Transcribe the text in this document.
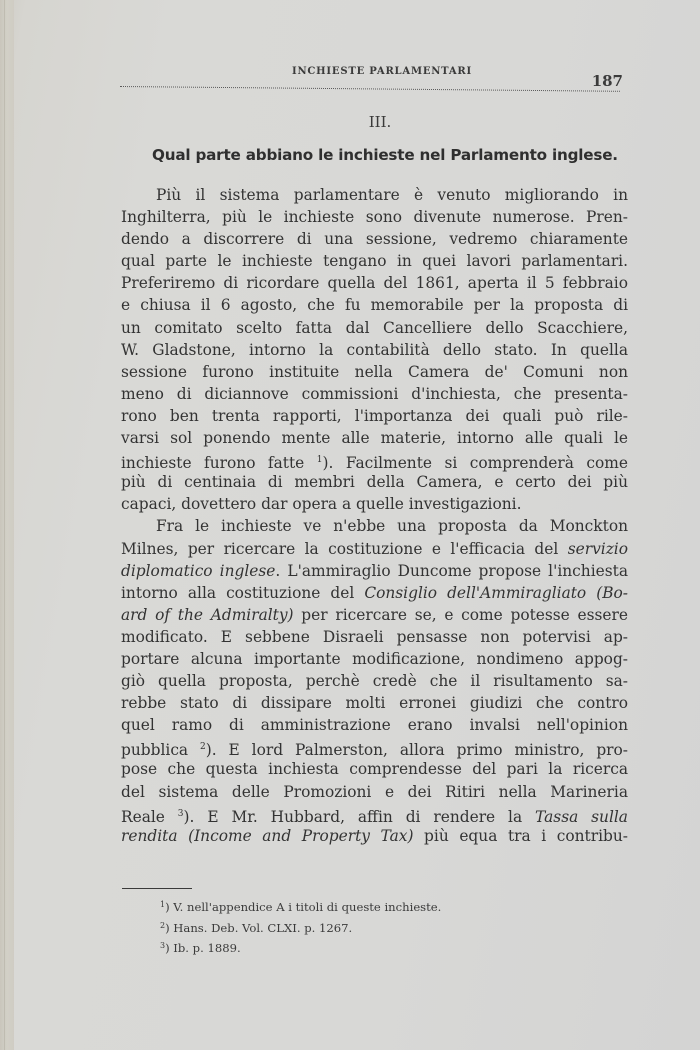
INCHIESTE PARLAMENTARI
187
III.
Qual parte abbiano le inchieste nel Parlamento inglese.
Più il sistema parlamentare è venuto migliorando in
Inghilterra, più le inchieste sono divenute numerose. Pren-
dendo a discorrere di una sessione, vedremo chiaramente
qual parte le inchieste tengano in quei lavori parlamentari.
Preferiremo di ricordare quella del 1861, aperta il 5 febbraio
e chiusa il 6 agosto, che fu memorabile per la proposta di
un comitato scelto fatta dal Cancelliere dello Scacchiere,
W. Gladstone, intorno la contabilità dello stato. In quella
sessione furono instituite nella Camera de' Comuni non
meno di diciannove commissioni d'inchiesta, che presenta-
rono ben trenta rapporti, l'importanza dei quali può rile-
varsi sol ponendo mente alle materie, intorno alle quali le
inchieste furono fatte $^1$). Facilmente si comprenderà come
più di centinaia di membri della Camera, e certo dei più
capaci, dovettero dar opera a quelle investigazioni.
Fra le inchieste ve n'ebbe una proposta da Monckton
Milnes, per ricercare la costituzione e l'efficacia del servizio
diplomatico inglese. L'ammiraglio Duncome propose l'inchiesta
intorno alla costituzione del Consiglio dell'Ammiragliato (Bo-
ard of the Admiralty) per ricercare se, e come potesse essere
modificato. E sebbene Disraeli pensasse non potervisi ap-
portare alcuna importante modificazione, nondimeno appog-
giò quella proposta, perchè credè che il risultamento sa-
rebbe stato di dissipare molti erronei giudizi che contro
quel ramo di amministrazione erano invalsi nell'opinion
pubblica $^2$). E lord Palmerston, allora primo ministro, pro-
pose che questa inchiesta comprendesse del pari la ricerca
del sistema delle Promozioni e dei Ritiri nella Marineria
Reale $^3$). E Mr. Hubbard, affin di rendere la Tassa sulla
rendita (Income and Property Tax) più equa tra i contribu-
$^1$) V. nell'appendice A i titoli di queste inchieste.
$^2$) Hans. Deb. Vol. CLXI. p. 1267.
$^3$) Ib. p. 1889.
